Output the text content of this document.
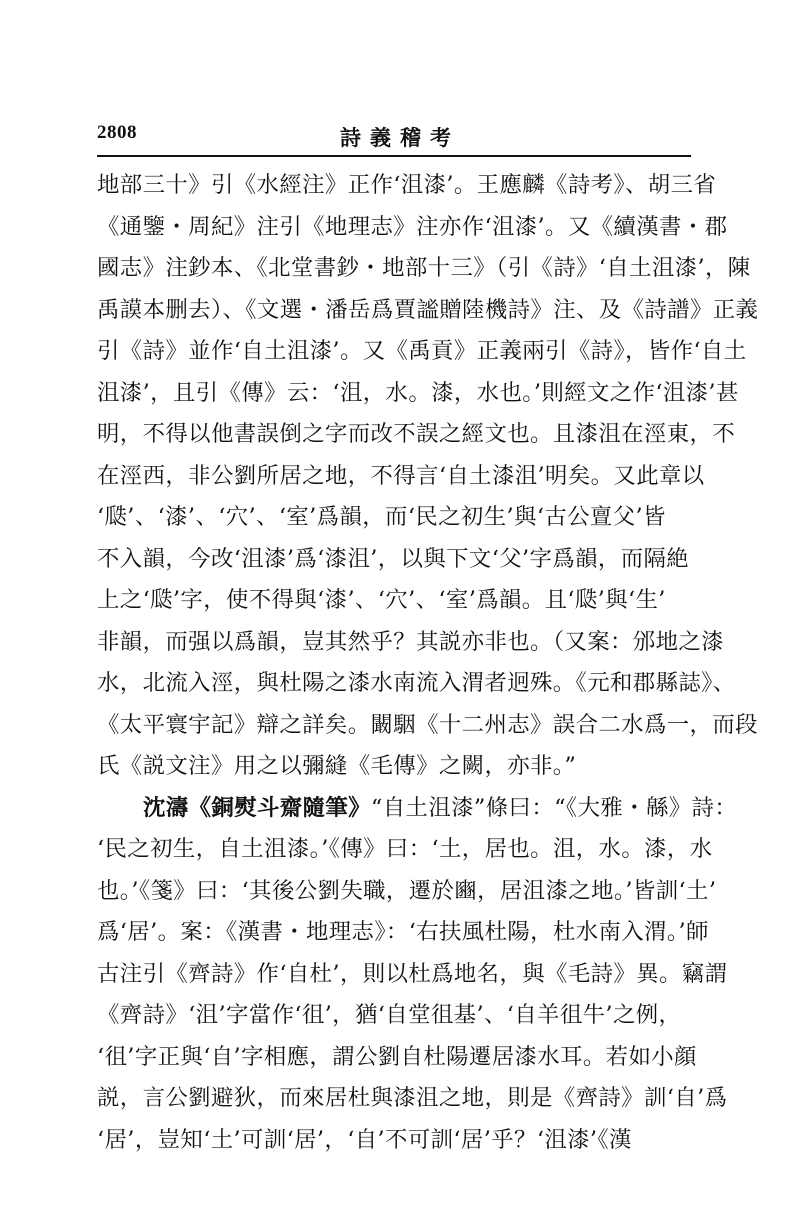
2808	詩義稽考
地部三十》引《水經注》正作‘沮漆’。王應麟《詩考》、胡三省
《通鑒・周紀》注引《地理志》注亦作‘沮漆’。又《續漢書・郡
國志》注鈔本、《北堂書鈔・地部十三》（引《詩》‘自土沮漆’，陳
禹謨本删去）、《文選・潘岳爲賈謐贈陸機詩》注、及《詩譜》正義
引《詩》並作‘自土沮漆’。又《禹貢》正義兩引《詩》，皆作‘自土
沮漆’，且引《傳》云：‘沮，水。漆，水也。’則經文之作‘沮漆’甚
明，不得以他書誤倒之字而改不誤之經文也。且漆沮在涇東，不
在涇西，非公劉所居之地，不得言‘自土漆沮’明矣。又此章以
‘瓞’、‘漆’、‘穴’、‘室’爲韻，而‘民之初生’與‘古公亶父’皆
不入韻，今改‘沮漆’爲‘漆沮’，以與下文‘父’字爲韻，而隔絶
上之‘瓞’字，使不得與‘漆’、‘穴’、‘室’爲韻。且‘瓞’與‘生’
非韻，而强以爲韻，豈其然乎？其説亦非也。（又案：邠地之漆
水，北流入涇，與杜陽之漆水南流入渭者迥殊。《元和郡縣誌》、
《太平寰宇記》辯之詳矣。闞駰《十二州志》誤合二水爲一，而段
氏《説文注》用之以彌縫《毛傳》之闕，亦非。”
沈濤《銅熨斗齋隨筆》“自土沮漆”條曰：“《大雅・緜》詩：
‘民之初生，自土沮漆。’《傳》曰：‘土，居也。沮，水。漆，水
也。’《箋》曰：‘其後公劉失職，遷於豳，居沮漆之地。’皆訓‘土’
爲‘居’。案：《漢書・地理志》：‘右扶風杜陽，杜水南入渭。’師
古注引《齊詩》作‘自杜’，則以杜爲地名，與《毛詩》異。竊謂
《齊詩》‘沮’字當作‘徂’，猶‘自堂徂基’、‘自羊徂牛’之例，
‘徂’字正與‘自’字相應，謂公劉自杜陽遷居漆水耳。若如小顔
説，言公劉避狄，而來居杜與漆沮之地，則是《齊詩》訓‘自’爲
‘居’，豈知‘土’可訓‘居’，‘自’不可訓‘居’乎？‘沮漆’《漢
